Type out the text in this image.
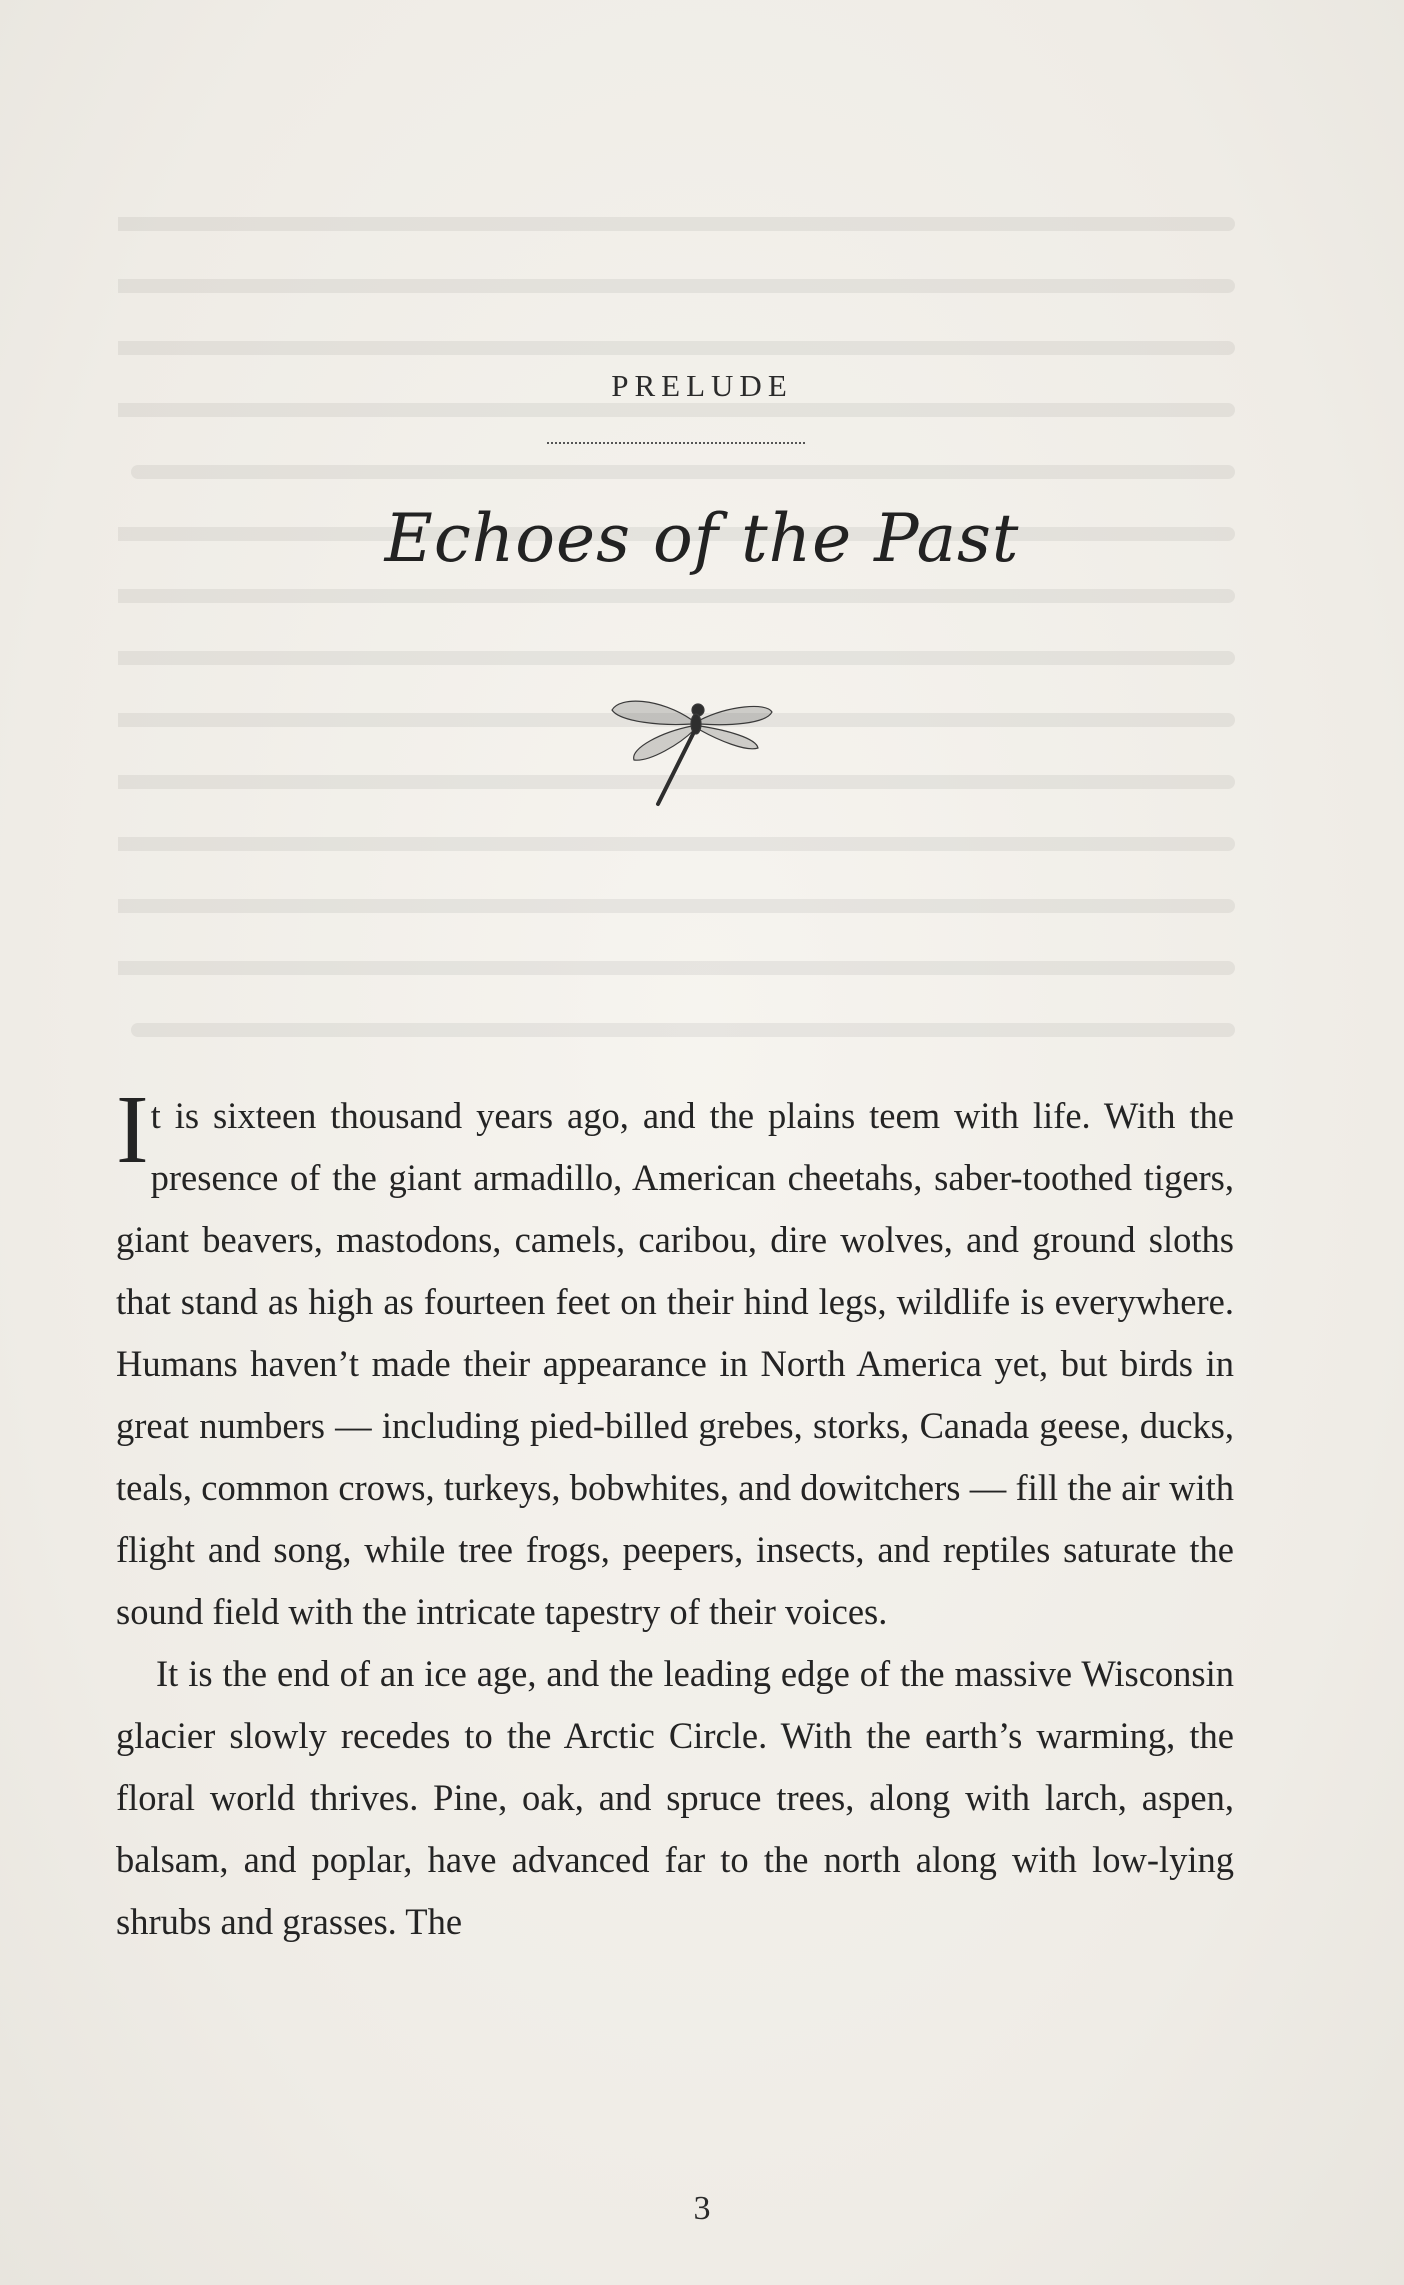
PRELUDE
Echoes of the Past

It is sixteen thousand years ago, and the plains teem with life. With the presence of the giant armadillo, American cheetahs, saber-toothed tigers, giant beavers, mastodons, camels, caribou, dire wolves, and ground sloths that stand as high as fourteen feet on their hind legs, wildlife is everywhere. Humans haven’t made their appearance in North America yet, but birds in great numbers — including pied-billed grebes, storks, Canada geese, ducks, teals, common crows, turkeys, bobwhites, and dowitchers — fill the air with flight and song, while tree frogs, peepers, insects, and reptiles saturate the sound field with the intricate tapestry of their voices.

It is the end of an ice age, and the leading edge of the massive Wisconsin glacier slowly recedes to the Arctic Circle. With the earth’s warming, the floral world thrives. Pine, oak, and spruce trees, along with larch, aspen, balsam, and poplar, have advanced far to the north along with low-lying shrubs and grasses. The

3
